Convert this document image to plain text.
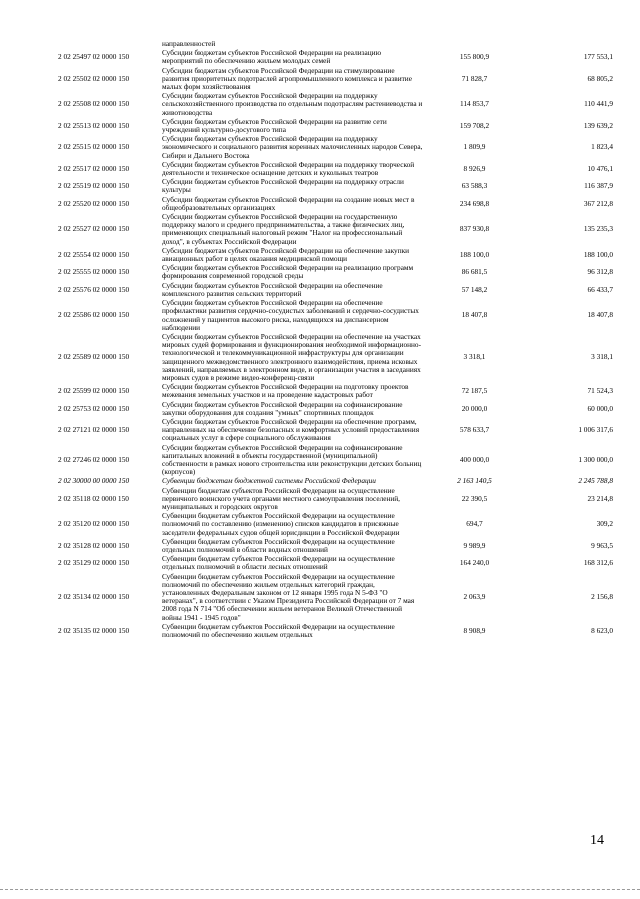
	направленностей		
2 02 25497 02 0000 150	Субсидии бюджетам субъектов Российской Федерации на реализацию мероприятий по обеспечению жильем молодых семей	155 800,9	177 553,1
2 02 25502 02 0000 150	Субсидии бюджетам субъектов Российской Федерации на стимулирование развития приоритетных подотраслей агропромышленного комплекса и развитие малых форм хозяйствования	71 828,7	68 805,2
2 02 25508 02 0000 150	Субсидии бюджетам субъектов Российской Федерации на поддержку сельскохозяйственного производства по отдельным подотраслям растениеводства и животноводства	114 853,7	110 441,9
2 02 25513 02 0000 150	Субсидии бюджетам субъектов Российской Федерации на развитие сети учреждений культурно-досугового типа	159 708,2	139 639,2
2 02 25515 02 0000 150	Субсидии бюджетам субъектов Российской Федерации на поддержку экономического и социального развития коренных малочисленных народов Севера, Сибири и Дальнего Востока	1 809,9	1 823,4
2 02 25517 02 0000 150	Субсидии бюджетам субъектов Российской Федерации на поддержку творческой деятельности и техническое оснащение детских и кукольных театров	8 926,9	10 476,1
2 02 25519 02 0000 150	Субсидии бюджетам субъектов Российской Федерации на поддержку отрасли культуры	63 588,3	116 387,9
2 02 25520 02 0000 150	Субсидии бюджетам субъектов Российской Федерации на создание новых мест в общеобразовательных организациях	234 698,8	367 212,8
2 02 25527 02 0000 150	Субсидии бюджетам субъектов Российской Федерации на государственную поддержку малого и среднего предпринимательства, а также физических лиц, применяющих специальный налоговый режим "Налог на профессиональный доход", в субъектах Российской Федерации	837 930,8	135 235,3
2 02 25554 02 0000 150	Субсидии бюджетам субъектов Российской Федерации на обеспечение закупки авиационных работ в целях оказания медицинской помощи	188 100,0	188 100,0
2 02 25555 02 0000 150	Субсидии бюджетам субъектов Российской Федерации на реализацию программ формирования современной городской среды	86 681,5	96 312,8
2 02 25576 02 0000 150	Субсидии бюджетам субъектов Российской Федерации на обеспечение комплексного развития сельских территорий	57 148,2	66 433,7
2 02 25586 02 0000 150	Субсидии бюджетам субъектов Российской Федерации на обеспечение профилактики развития сердечно-сосудистых заболеваний и сердечно-сосудистых осложнений у пациентов высокого риска, находящихся на диспансерном наблюдении	18 407,8	18 407,8
2 02 25589 02 0000 150	Субсидии бюджетам субъектов Российской Федерации на обеспечение на участках мировых судей формирования и функционирования необходимой информационно-технологической и телекоммуникационной инфраструктуры для организации защищенного межведомственного электронного взаимодействия, приема исковых заявлений, направляемых в электронном виде, и организации участия в заседаниях мировых судов в режиме видео-конференц-связи	3 318,1	3 318,1
2 02 25599 02 0000 150	Субсидии бюджетам субъектов Российской Федерации на подготовку проектов межевания земельных участков и на проведение кадастровых работ	72 187,5	71 524,3
2 02 25753 02 0000 150	Субсидии бюджетам субъектов Российской Федерации на софинансирование закупки оборудования для создания "умных" спортивных площадок	20 000,0	60 000,0
2 02 27121 02 0000 150	Субсидии бюджетам субъектов Российской Федерации на обеспечение программ, направленных на обеспечение безопасных и комфортных условий предоставления социальных услуг в сфере социального обслуживания	578 633,7	1 006 317,6
2 02 27246 02 0000 150	Субсидии бюджетам субъектов Российской Федерации на софинансирование капитальных вложений в объекты государственной (муниципальной) собственности в рамках нового строительства или реконструкции детских больниц (корпусов)	400 000,0	1 300 000,0
2 02 30000 00 0000 150	Субвенции бюджетам бюджетной системы Российской Федерации	2 163 140,5	2 245 788,8
2 02 35118 02 0000 150	Субвенции бюджетам субъектов Российской Федерации на осуществление первичного воинского учета органами местного самоуправления поселений, муниципальных и городских округов	22 390,5	23 214,8
2 02 35120 02 0000 150	Субвенции бюджетам субъектов Российской Федерации на осуществление полномочий по составлению (изменению) списков кандидатов в присяжные заседатели федеральных судов общей юрисдикции в Российской Федерации	694,7	309,2
2 02 35128 02 0000 150	Субвенции бюджетам субъектов Российской Федерации на осуществление отдельных полномочий в области водных отношений	9 989,9	9 963,5
2 02 35129 02 0000 150	Субвенции бюджетам субъектов Российской Федерации на осуществление отдельных полномочий в области лесных отношений	164 240,0	168 312,6
2 02 35134 02 0000 150	Субвенции бюджетам субъектов Российской Федерации на осуществление полномочий по обеспечению жильем отдельных категорий граждан, установленных Федеральным законом от 12 января 1995 года N 5-ФЗ "О ветеранах", в соответствии с Указом Президента Российской Федерации от 7 мая 2008 года N 714 "Об обеспечении жильем ветеранов Великой Отечественной войны 1941 - 1945 годов"	2 063,9	2 156,8
2 02 35135 02 0000 150	Субвенции бюджетам субъектов Российской Федерации на осуществление полномочий по обеспечению жильем отдельных	8 908,9	8 623,0
14
